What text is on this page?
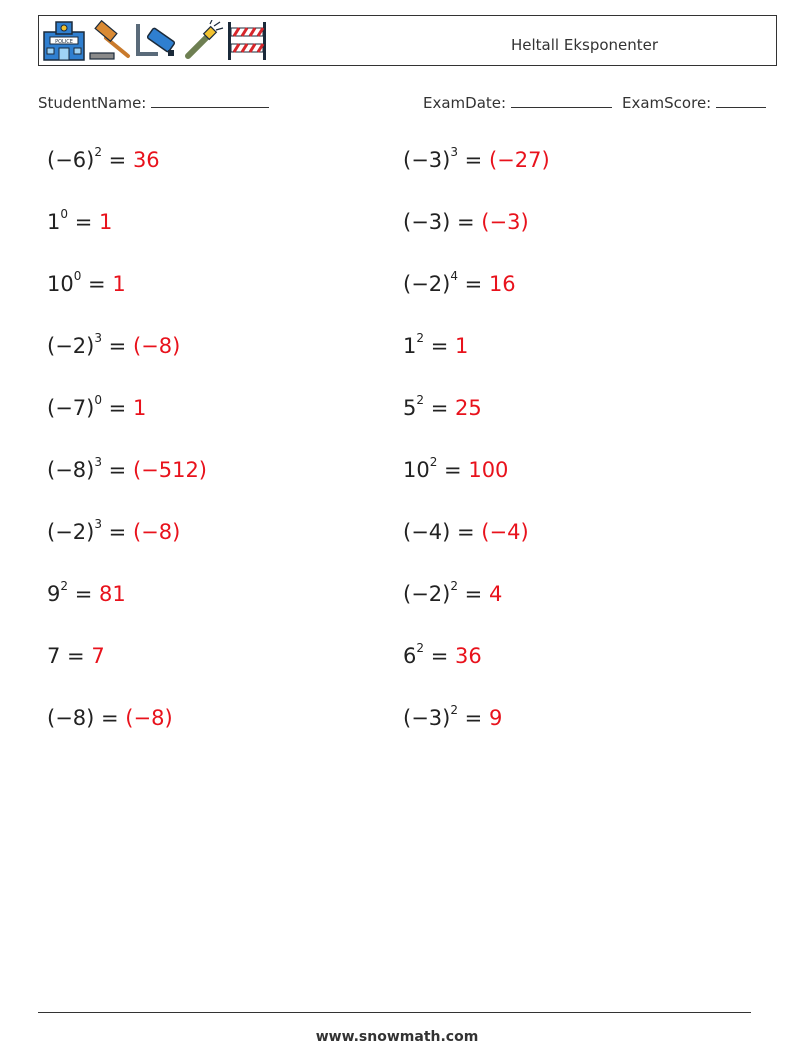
POLICE	Heltall Eksponenter
StudentName:	ExamDate:	ExamScore:
$(-6)^2 = 36$	$(-3)^3 = (-27)$
$1^0 = 1$	(−3) = (−3)
$10^0 = 1$	$(-2)^4 = 16$
$(-2)^3 = (-8)$	$1^2 = 1$
$(-7)^0 = 1$	$5^2 = 25$
$(-8)^3 = (-512)$	$10^2 = 100$
$(-2)^3 = (-8)$	(−4) = (−4)
$9^2 = 81$	$(-2)^2 = 4$
7 = 7	$6^2 = 36$
(−8) = (−8)	$(-3)^2 = 9$
www.snowmath.com
